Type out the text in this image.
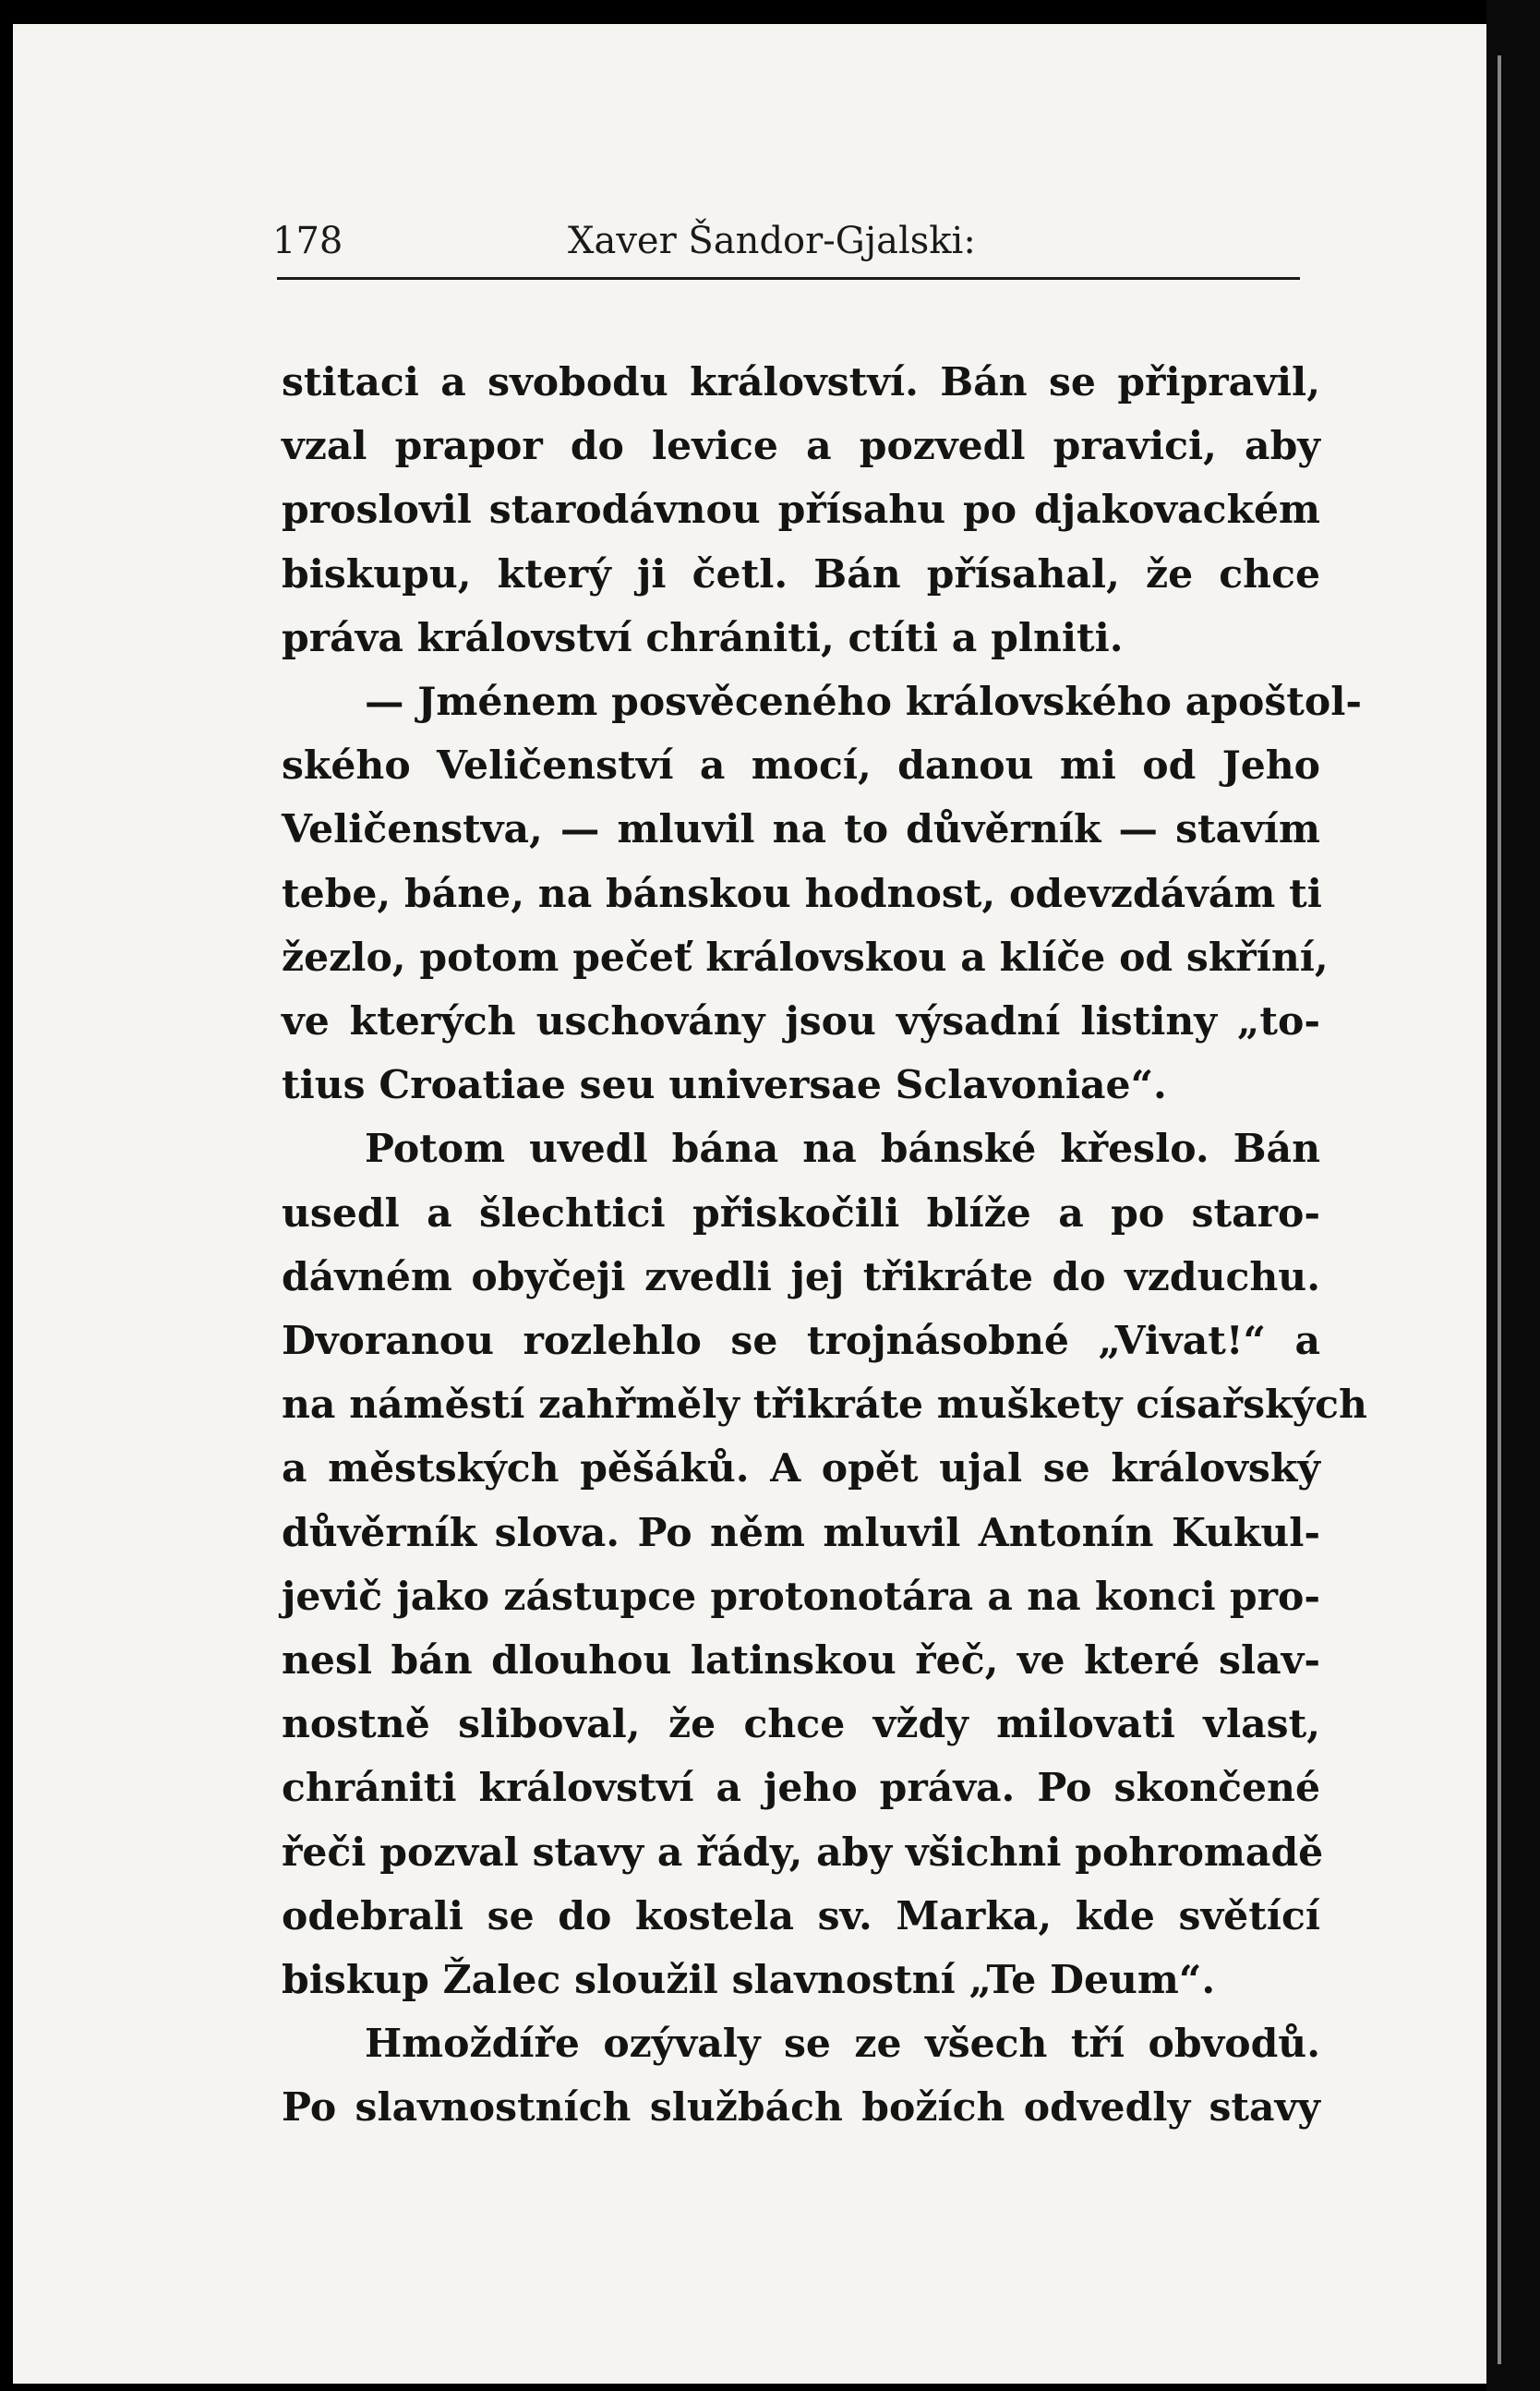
178	Xaver Šandor-Gjalski:
stitaci a svobodu království. Bán se připravil,
vzal prapor do levice a pozvedl pravici, aby
proslovil starodávnou přísahu po djakovackém
biskupu, který ji četl. Bán přísahal, že chce
práva království chrániti, ctíti a plniti.
— Jménem posvěceného královského apoštol-
ského Veličenství a mocí, danou mi od Jeho
Veličenstva, — mluvil na to důvěrník — stavím
tebe, báne, na bánskou hodnost, odevzdávám ti
žezlo, potom pečeť královskou a klíče od skříní,
ve kterých uschovány jsou výsadní listiny „to-
tius Croatiae seu universae Sclavoniae“.
Potom uvedl bána na bánské křeslo. Bán
usedl a šlechtici přiskočili blíže a po staro-
dávném obyčeji zvedli jej třikráte do vzduchu.
Dvoranou rozlehlo se trojnásobné „Vivat!“ a
na náměstí zahřměly třikráte muškety císařských
a městských pěšáků. A opět ujal se královský
důvěrník slova. Po něm mluvil Antonín Kukul-
jevič jako zástupce protonotára a na konci pro-
nesl bán dlouhou latinskou řeč, ve které slav-
nostně sliboval, že chce vždy milovati vlast,
chrániti království a jeho práva. Po skončené
řeči pozval stavy a řády, aby všichni pohromadě
odebrali se do kostela sv. Marka, kde světící
biskup Žalec sloužil slavnostní „Te Deum“.
Hmoždíře ozývaly se ze všech tří obvodů.
Po slavnostních službách božích odvedly stavy
